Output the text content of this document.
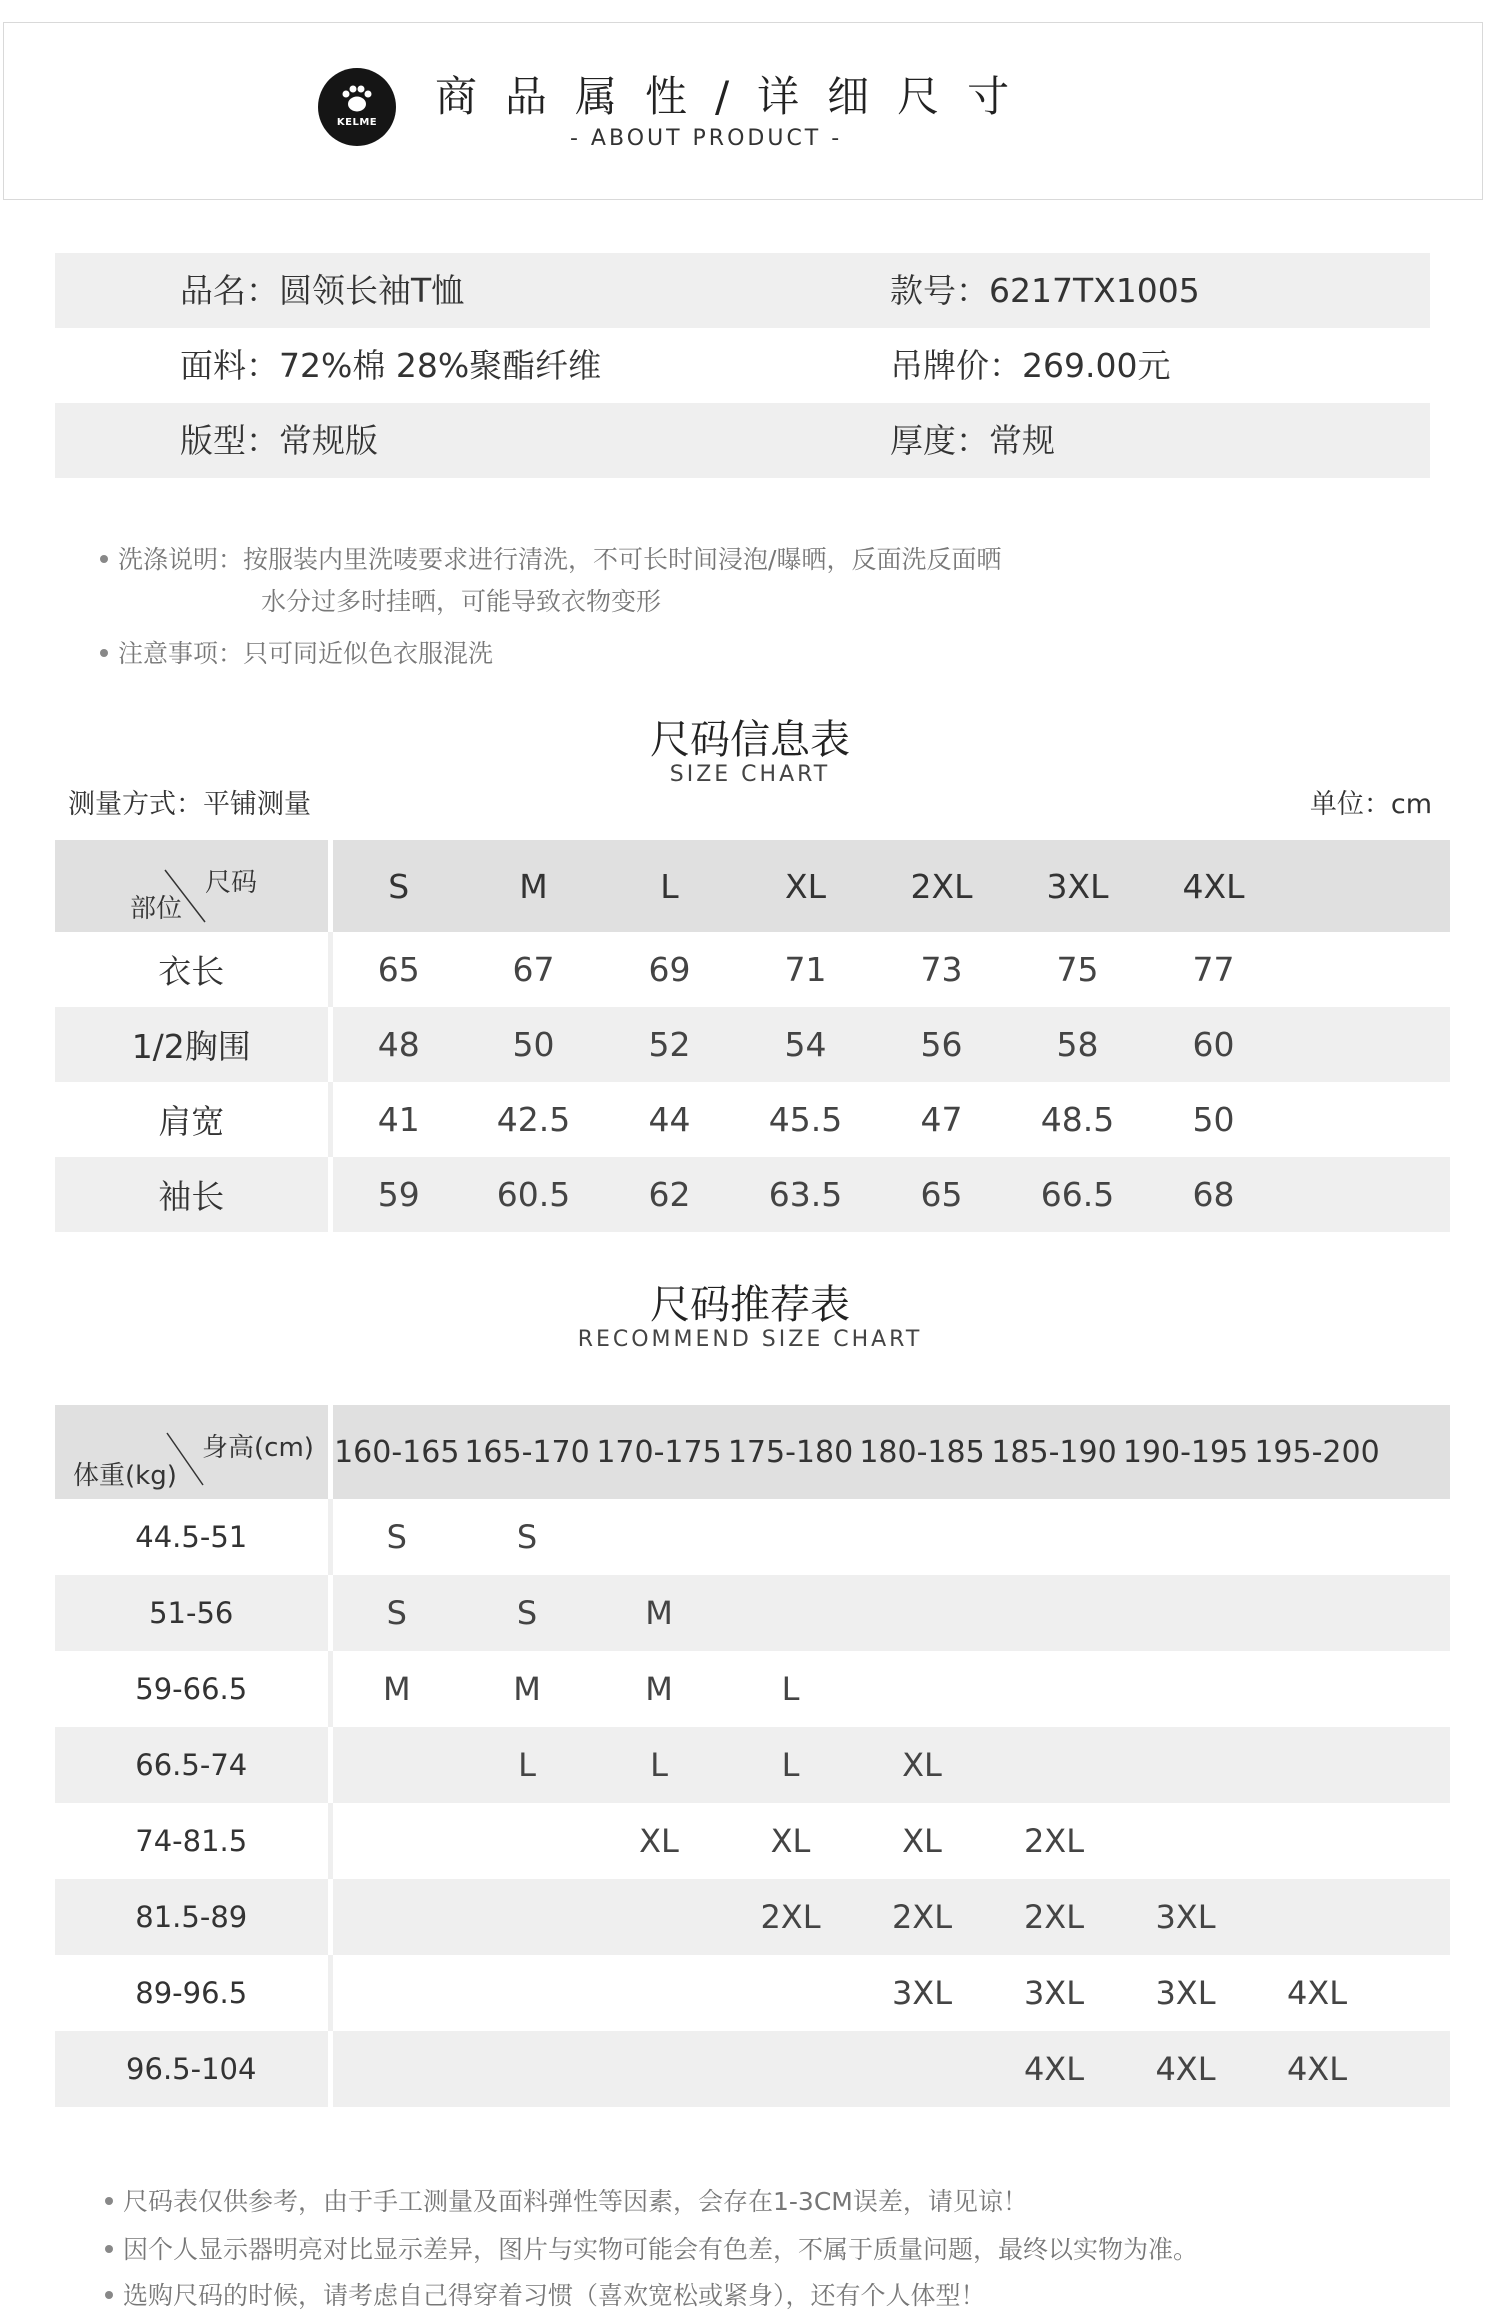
KELME
商品属性/详细尺寸
- ABOUT PRODUCT -
品名：圆领长袖T恤	款号：6217TX1005
面料：72%棉 28%聚酯纤维	吊牌价：269.00元
版型：常规版	厚度：常规
洗涤说明：按服装内里洗唛要求进行清洗，不可长时间浸泡/曝晒，反面洗反面晒
水分过多时挂晒，可能导致衣物变形
注意事项：只可同近似色衣服混洗
尺码信息表
SIZE CHART
测量方式：平铺测量	单位：cm
尺码
部位	S	M	L	XL	2XL	3XL	4XL	
衣长	65	67	69	71	73	75	77	
1/2胸围	48	50	52	54	56	58	60	
肩宽	41	42.5	44	45.5	47	48.5	50	
袖长	59	60.5	62	63.5	65	66.5	68	
尺码推荐表
RECOMMEND SIZE CHART
身高(cm)
体重(kg)	160-165	165-170	170-175	175-180	180-185	185-190	190-195	195-200	
44.5-51	S	S							
51-56	S	S	M						
59-66.5	M	M	M	L					
66.5-74		L	L	L	XL				
74-81.5			XL	XL	XL	2XL			
81.5-89				2XL	2XL	2XL	3XL		
89-96.5					3XL	3XL	3XL	4XL	
96.5-104						4XL	4XL	4XL	
尺码表仅供参考，由于手工测量及面料弹性等因素，会存在1-3CM误差，请见谅！
因个人显示器明亮对比显示差异，图片与实物可能会有色差，不属于质量问题，最终以实物为准。
选购尺码的时候，请考虑自己得穿着习惯（喜欢宽松或紧身），还有个人体型！
